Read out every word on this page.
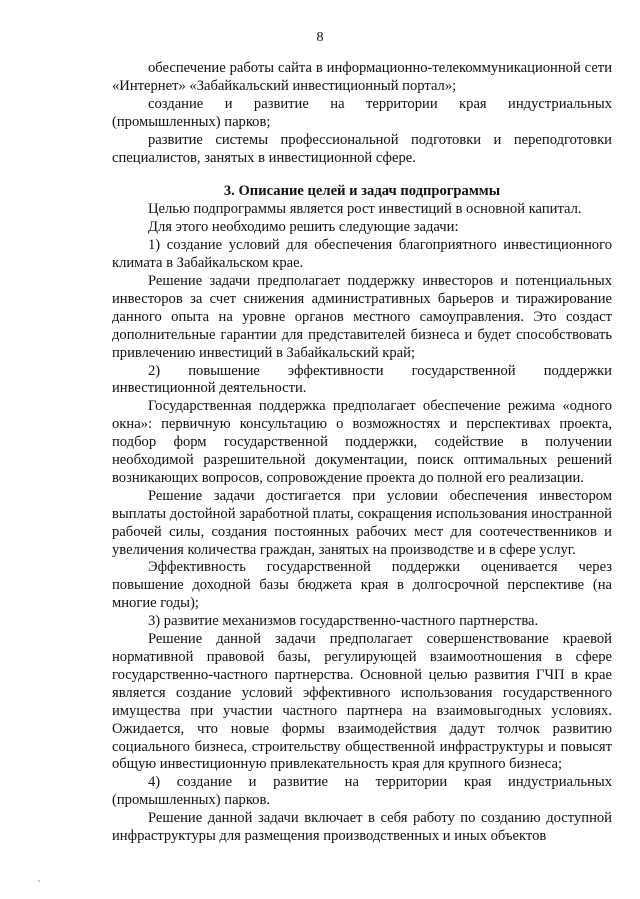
8

обеспечение работы сайта в информационно-телекоммуникационной сети «Интернет» «Забайкальский инвестиционный портал»;

создание и развитие на территории края индустриальных (промышленных) парков;

развитие системы профессиональной подготовки и переподготовки специалистов, занятых в инвестиционной сфере.

3. Описание целей и задач подпрограммы

Целью подпрограммы является рост инвестиций в основной капитал.

Для этого необходимо решить следующие задачи:

1) создание условий для обеспечения благоприятного инвестиционного климата в Забайкальском крае.

Решение задачи предполагает поддержку инвесторов и потенциальных инвесторов за счет снижения административных барьеров и тиражирование данного опыта на уровне органов местного самоуправления. Это создаст дополнительные гарантии для представителей бизнеса и будет способствовать привлечению инвестиций в Забайкальский край;

2) повышение эффективности государственной поддержки инвестиционной деятельности.

Государственная поддержка предполагает обеспечение режима «одного окна»: первичную консультацию о возможностях и перспективах проекта, подбор форм государственной поддержки, содействие в получении необходимой разрешительной документации, поиск оптимальных решений возникающих вопросов, сопровождение проекта до полной его реализации.

Решение задачи достигается при условии обеспечения инвестором выплаты достойной заработной платы, сокращения использования иностранной рабочей силы, создания постоянных рабочих мест для соотечественников и увеличения количества граждан, занятых на производстве и в сфере услуг.

Эффективность государственной поддержки оценивается через повышение доходной базы бюджета края в долгосрочной перспективе (на многие годы);

3) развитие механизмов государственно-частного партнерства.

Решение данной задачи предполагает совершенствование краевой нормативной правовой базы, регулирующей взаимоотношения в сфере государственно-частного партнерства. Основной целью развития ГЧП в крае является создание условий эффективного использования государственного имущества при участии частного партнера на взаимовыгодных условиях. Ожидается, что новые формы взаимодействия дадут толчок развитию социального бизнеса, строительству общественной инфраструктуры и повысят общую инвестиционную привлекательность края для крупного бизнеса;

4) создание и развитие на территории края индустриальных (промышленных) парков.

Решение данной задачи включает в себя работу по созданию доступной инфраструктуры для размещения производственных и иных объектов
